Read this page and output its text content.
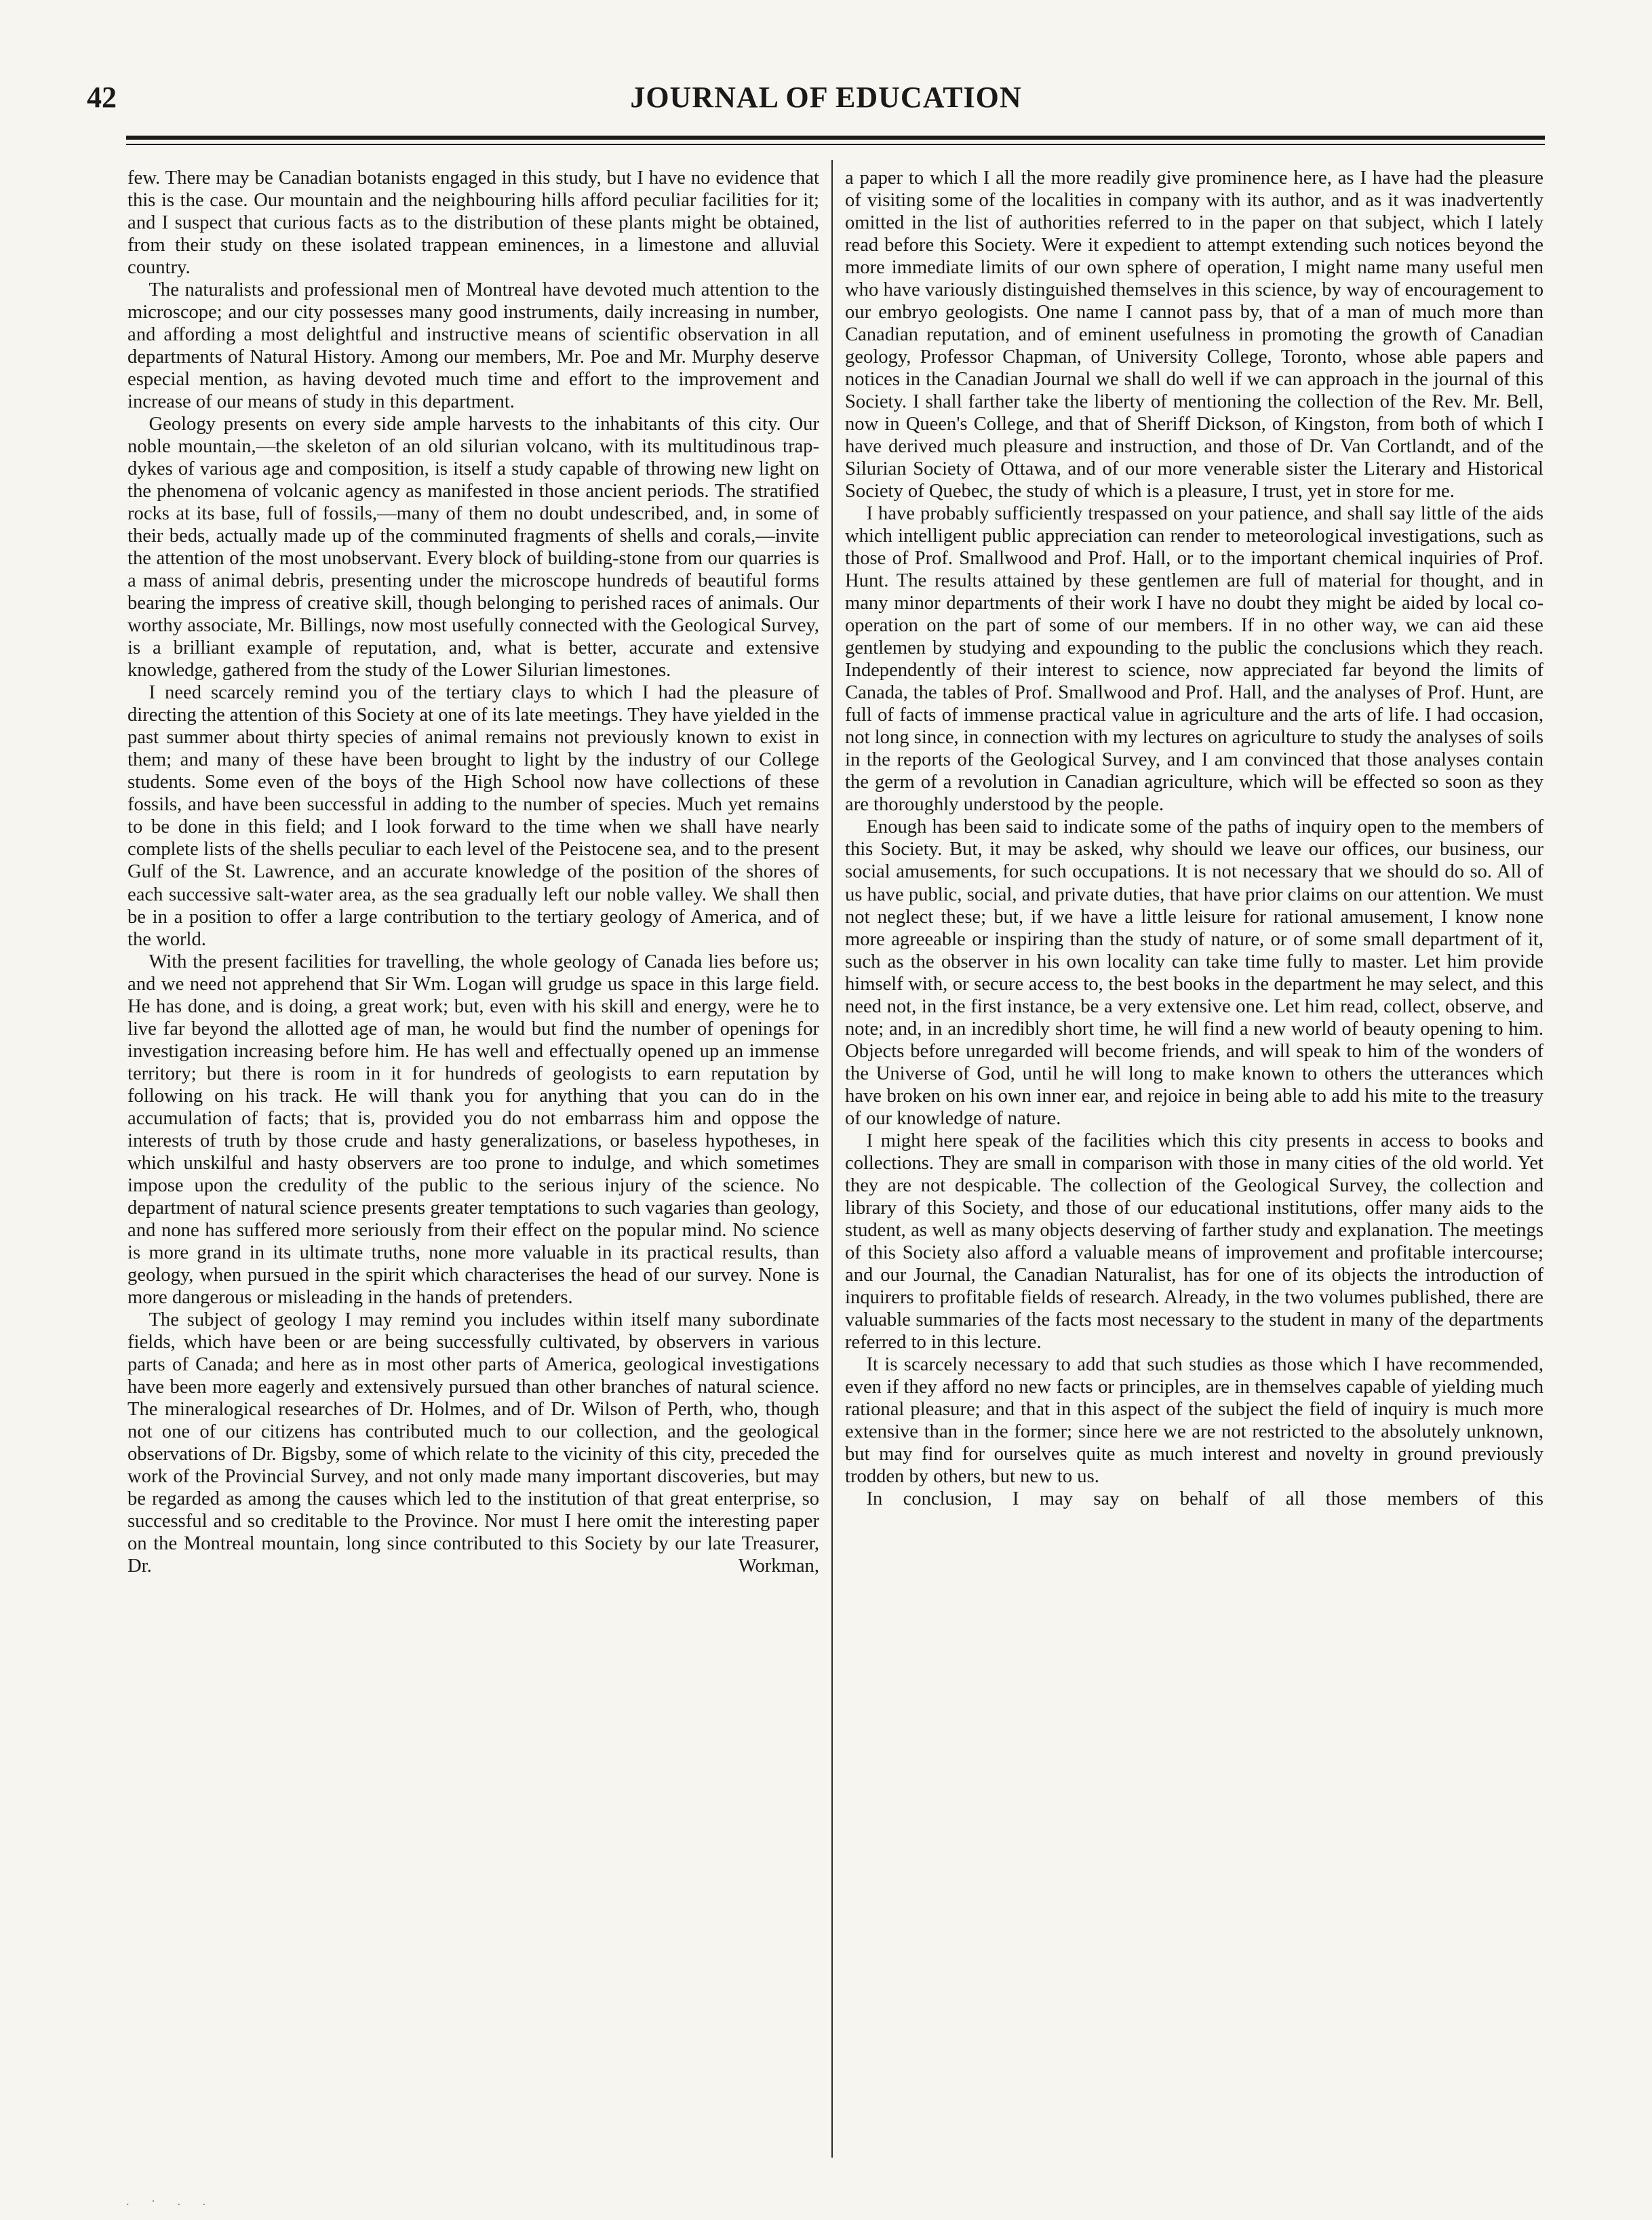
42	JOURNAL OF EDUCATION

few. There may be Canadian botanists engaged in this study, but I have no evidence that this is the case. Our mountain and the neighbouring hills afford peculiar facilities for it; and I suspect that curious facts as to the distribution of these plants might be obtained, from their study on these isolated trappean eminences, in a limestone and alluvial country.

The naturalists and professional men of Montreal have devoted much attention to the microscope; and our city possesses many good instruments, daily increasing in number, and affording a most delightful and instructive means of scientific observation in all departments of Natural History. Among our members, Mr. Poe and Mr. Murphy deserve especial mention, as having devoted much time and effort to the improvement and increase of our means of study in this department.

Geology presents on every side ample harvests to the inhabitants of this city. Our noble mountain,—the skeleton of an old silurian volcano, with its multitudinous trap-dykes of various age and composition, is itself a study capable of throwing new light on the phenomena of volcanic agency as manifested in those ancient periods. The stratified rocks at its base, full of fossils,—many of them no doubt undescribed, and, in some of their beds, actually made up of the comminuted fragments of shells and corals,—invite the attention of the most unobservant. Every block of building-stone from our quarries is a mass of animal debris, presenting under the microscope hundreds of beautiful forms bearing the impress of creative skill, though belonging to perished races of animals. Our worthy associate, Mr. Billings, now most usefully connected with the Geological Survey, is a brilliant example of reputation, and, what is better, accurate and extensive knowledge, gathered from the study of the Lower Silurian limestones.

I need scarcely remind you of the tertiary clays to which I had the pleasure of directing the attention of this Society at one of its late meetings. They have yielded in the past summer about thirty species of animal remains not previously known to exist in them; and many of these have been brought to light by the industry of our College students. Some even of the boys of the High School now have collections of these fossils, and have been successful in adding to the number of species. Much yet remains to be done in this field; and I look forward to the time when we shall have nearly complete lists of the shells peculiar to each level of the Peistocene sea, and to the present Gulf of the St. Lawrence, and an accurate knowledge of the position of the shores of each successive salt-water area, as the sea gradually left our noble valley. We shall then be in a position to offer a large contribution to the tertiary geology of America, and of the world.

With the present facilities for travelling, the whole geology of Canada lies before us; and we need not apprehend that Sir Wm. Logan will grudge us space in this large field. He has done, and is doing, a great work; but, even with his skill and energy, were he to live far beyond the allotted age of man, he would but find the number of openings for investigation increasing before him. He has well and effectually opened up an immense territory; but there is room in it for hundreds of geologists to earn reputation by following on his track. He will thank you for anything that you can do in the accumulation of facts; that is, provided you do not embarrass him and oppose the interests of truth by those crude and hasty generalizations, or baseless hypotheses, in which unskilful and hasty observers are too prone to indulge, and which sometimes impose upon the credulity of the public to the serious injury of the science. No department of natural science presents greater temptations to such vagaries than geology, and none has suffered more seriously from their effect on the popular mind. No science is more grand in its ultimate truths, none more valuable in its practical results, than geology, when pursued in the spirit which characterises the head of our survey. None is more dangerous or misleading in the hands of pretenders.

The subject of geology I may remind you includes within itself many subordinate fields, which have been or are being successfully cultivated, by observers in various parts of Canada; and here as in most other parts of America, geological investigations have been more eagerly and extensively pursued than other branches of natural science. The mineralogical researches of Dr. Holmes, and of Dr. Wilson of Perth, who, though not one of our citizens has contributed much to our collection, and the geological observations of Dr. Bigsby, some of which relate to the vicinity of this city, preceded the work of the Provincial Survey, and not only made many important discoveries, but may be regarded as among the causes which led to the institution of that great enterprise, so successful and so creditable to the Province. Nor must I here omit the interesting paper on the Montreal mountain, long since contributed to this Society by our late Treasurer, Dr. Workman,

a paper to which I all the more readily give prominence here, as I have had the pleasure of visiting some of the localities in company with its author, and as it was inadvertently omitted in the list of authorities referred to in the paper on that subject, which I lately read before this Society. Were it expedient to attempt extending such notices beyond the more immediate limits of our own sphere of operation, I might name many useful men who have variously distinguished themselves in this science, by way of encouragement to our embryo geologists. One name I cannot pass by, that of a man of much more than Canadian reputation, and of eminent usefulness in promoting the growth of Canadian geology, Professor Chapman, of University College, Toronto, whose able papers and notices in the Canadian Journal we shall do well if we can approach in the journal of this Society. I shall farther take the liberty of mentioning the collection of the Rev. Mr. Bell, now in Queen's College, and that of Sheriff Dickson, of Kingston, from both of which I have derived much pleasure and instruction, and those of Dr. Van Cortlandt, and of the Silurian Society of Ottawa, and of our more venerable sister the Literary and Historical Society of Quebec, the study of which is a pleasure, I trust, yet in store for me.

I have probably sufficiently trespassed on your patience, and shall say little of the aids which intelligent public appreciation can render to meteorological investigations, such as those of Prof. Smallwood and Prof. Hall, or to the important chemical inquiries of Prof. Hunt. The results attained by these gentlemen are full of material for thought, and in many minor departments of their work I have no doubt they might be aided by local co-operation on the part of some of our members. If in no other way, we can aid these gentlemen by studying and expounding to the public the conclusions which they reach. Independently of their interest to science, now appreciated far beyond the limits of Canada, the tables of Prof. Smallwood and Prof. Hall, and the analyses of Prof. Hunt, are full of facts of immense practical value in agriculture and the arts of life. I had occasion, not long since, in connection with my lectures on agriculture to study the analyses of soils in the reports of the Geological Survey, and I am convinced that those analyses contain the germ of a revolution in Canadian agriculture, which will be effected so soon as they are thoroughly understood by the people.

Enough has been said to indicate some of the paths of inquiry open to the members of this Society. But, it may be asked, why should we leave our offices, our business, our social amusements, for such occupations. It is not necessary that we should do so. All of us have public, social, and private duties, that have prior claims on our attention. We must not neglect these; but, if we have a little leisure for rational amusement, I know none more agreeable or inspiring than the study of nature, or of some small department of it, such as the observer in his own locality can take time fully to master. Let him provide himself with, or secure access to, the best books in the department he may select, and this need not, in the first instance, be a very extensive one. Let him read, collect, observe, and note; and, in an incredibly short time, he will find a new world of beauty opening to him. Objects before unregarded will become friends, and will speak to him of the wonders of the Universe of God, until he will long to make known to others the utterances which have broken on his own inner ear, and rejoice in being able to add his mite to the treasury of our knowledge of nature.

I might here speak of the facilities which this city presents in access to books and collections. They are small in comparison with those in many cities of the old world. Yet they are not despicable. The collection of the Geological Survey, the collection and library of this Society, and those of our educational institutions, offer many aids to the student, as well as many objects deserving of farther study and explanation. The meetings of this Society also afford a valuable means of improvement and profitable intercourse; and our Journal, the Canadian Naturalist, has for one of its objects the introduction of inquirers to profitable fields of research. Already, in the two volumes published, there are valuable summaries of the facts most necessary to the student in many of the departments referred to in this lecture.

It is scarcely necessary to add that such studies as those which I have recommended, even if they afford no new facts or principles, are in themselves capable of yielding much rational pleasure; and that in this aspect of the subject the field of inquiry is much more extensive than in the former; since here we are not restricted to the absolutely unknown, but may find for ourselves quite as much interest and novelty in ground previously trodden by others, but new to us.

In conclusion, I may say on behalf of all those members of this

. · . .
